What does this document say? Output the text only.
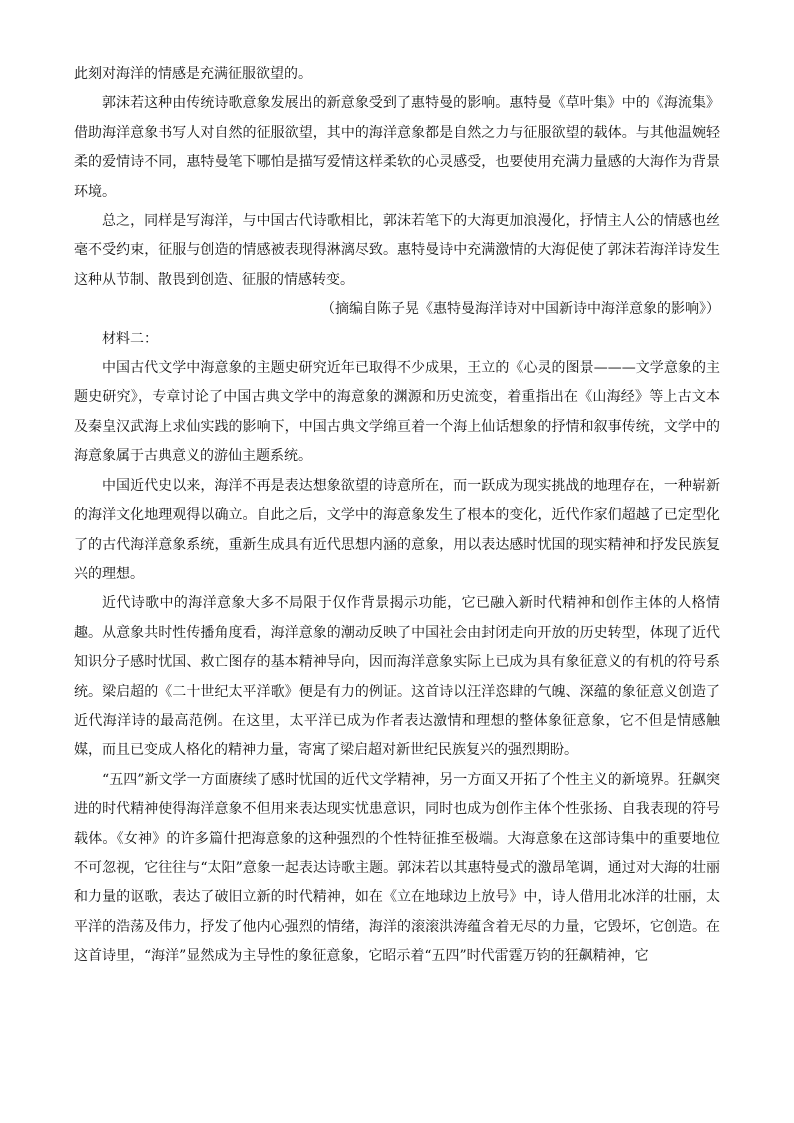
此刻对海洋的情感是充满征服欲望的。

郭沫若这种由传统诗歌意象发展出的新意象受到了惠特曼的影响。惠特曼《草叶集》中的《海流集》借助海洋意象书写人对自然的征服欲望，其中的海洋意象都是自然之力与征服欲望的载体。与其他温婉轻柔的爱情诗不同，惠特曼笔下哪怕是描写爱情这样柔软的心灵感受，也要使用充满力量感的大海作为背景环境。

总之，同样是写海洋，与中国古代诗歌相比，郭沫若笔下的大海更加浪漫化，抒情主人公的情感也丝毫不受约束，征服与创造的情感被表现得淋漓尽致。惠特曼诗中充满激情的大海促使了郭沫若海洋诗发生这种从节制、散畏到创造、征服的情感转变。

（摘编自陈子晃《惠特曼海洋诗对中国新诗中海洋意象的影响》）

材料二：

中国古代文学中海意象的主题史研究近年已取得不少成果，王立的《心灵的图景———文学意象的主题史研究》，专章讨论了中国古典文学中的海意象的渊源和历史流变，着重指出在《山海经》等上古文本及秦皇汉武海上求仙实践的影响下，中国古典文学绵亘着一个海上仙话想象的抒情和叙事传统，文学中的海意象属于古典意义的游仙主题系统。

中国近代史以来，海洋不再是表达想象欲望的诗意所在，而一跃成为现实挑战的地理存在，一种崭新的海洋文化地理观得以确立。自此之后，文学中的海意象发生了根本的变化，近代作家们超越了已定型化了的古代海洋意象系统，重新生成具有近代思想内涵的意象，用以表达感时忧国的现实精神和抒发民族复兴的理想。

近代诗歌中的海洋意象大多不局限于仅作背景揭示功能，它已融入新时代精神和创作主体的人格情趣。从意象共时性传播角度看，海洋意象的潮动反映了中国社会由封闭走向开放的历史转型，体现了近代知识分子感时忧国、救亡图存的基本精神导向，因而海洋意象实际上已成为具有象征意义的有机的符号系统。梁启超的《二十世纪太平洋歌》便是有力的例证。这首诗以汪洋恣肆的气魄、深蕴的象征意义创造了近代海洋诗的最高范例。在这里，太平洋已成为作者表达激情和理想的整体象征意象，它不但是情感触媒，而且已变成人格化的精神力量，寄寓了梁启超对新世纪民族复兴的强烈期盼。

“五四”新文学一方面赓续了感时忧国的近代文学精神，另一方面又开拓了个性主义的新境界。狂飙突进的时代精神使得海洋意象不但用来表达现实忧患意识，同时也成为创作主体个性张扬、自我表现的符号载体。《女神》的许多篇什把海意象的这种强烈的个性特征推至极端。大海意象在这部诗集中的重要地位不可忽视，它往往与“太阳”意象一起表达诗歌主题。郭沫若以其惠特曼式的激昂笔调，通过对大海的壮丽和力量的讴歌，表达了破旧立新的时代精神，如在《立在地球边上放号》中，诗人借用北冰洋的壮丽，太平洋的浩荡及伟力，抒发了他内心强烈的情绪，海洋的滚滚洪涛蕴含着无尽的力量，它毁坏，它创造。在这首诗里，“海洋”显然成为主导性的象征意象，它昭示着“五四”时代雷霆万钧的狂飙精神，它
